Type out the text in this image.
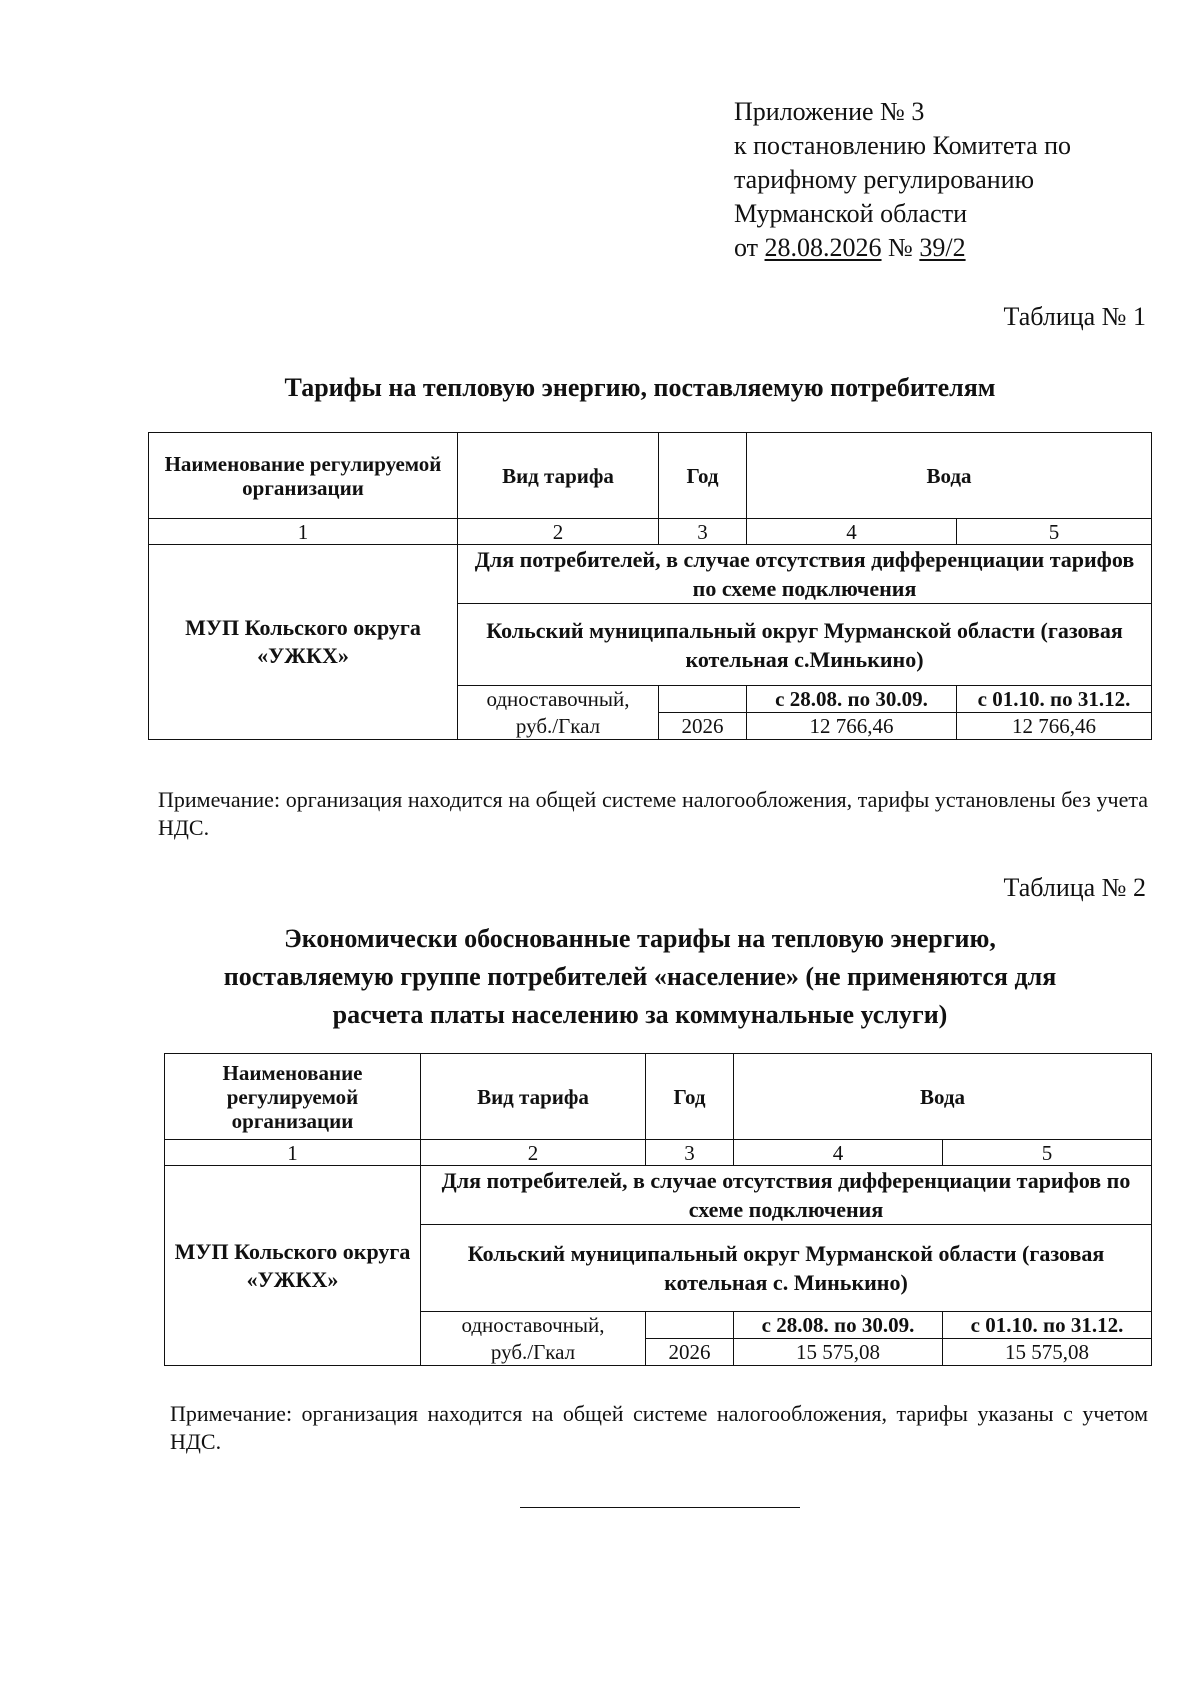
Приложение № 3
к постановлению Комитета по
тарифному регулированию
Мурманской области
от 28.08.2026 № 39/2
Таблица № 1
Тарифы на тепловую энергию, поставляемую потребителям
Наименование регулируемой организации	Вид тарифа	Год	Вода	
1	2	3	4	5
МУП Кольского округа «УЖКХ»	Для потребителей, в случае отсутствия дифференциации тарифов по схеме подключения			
	Кольский муниципальный округ Мурманской области (газовая котельная с.Минькино)			
	одноставочный,		с 28.08. по 30.09.	с 01.10. по 31.12.
	руб./Гкал	2026	12 766,46	12 766,46
Примечание: организация находится на общей системе налогообложения, тарифы установлены без учета НДС.
Таблица № 2
Экономически обоснованные тарифы на тепловую энергию,
поставляемую группе потребителей «население» (не применяются для
расчета платы населению за коммунальные услуги)
Наименование регулируемой организации	Вид тарифа	Год	Вода	
1	2	3	4	5
МУП Кольского округа «УЖКХ»	Для потребителей, в случае отсутствия дифференциации тарифов по схеме подключения			
	Кольский муниципальный округ Мурманской области (газовая котельная с. Минькино)			
	одноставочный,		с 28.08. по 30.09.	с 01.10. по 31.12.
	руб./Гкал	2026	15 575,08	15 575,08
Примечание: организация находится на общей системе налогообложения, тарифы указаны с учетом НДС.
